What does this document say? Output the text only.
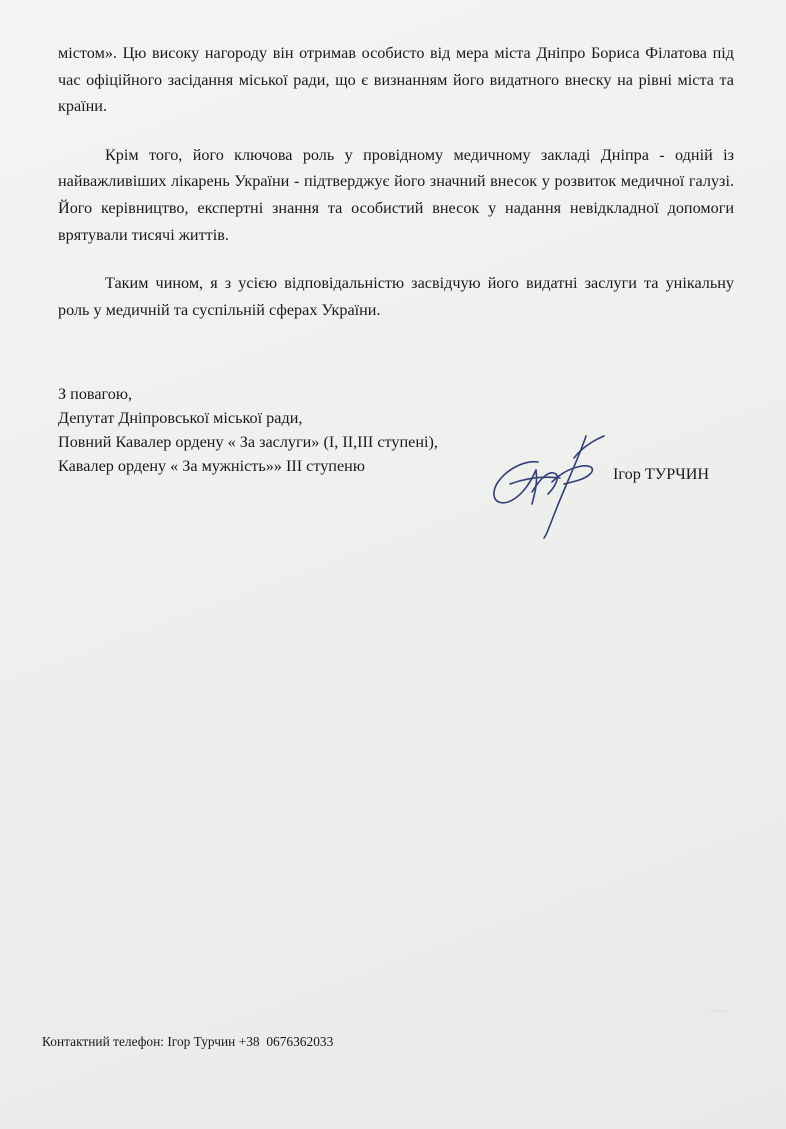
містом». Цю високу нагороду він отримав особисто від мера міста Дніпро Бориса Філатова під час офіційного засідання міської ради, що є визнанням його видатного внеску на рівні міста та країни.

Крім того, його ключова роль у провідному медичному закладі Дніпра - одній із найважливіших лікарень України - підтверджує його значний внесок у розвиток медичної галузі. Його керівництво, експертні знання та особистий внесок у надання невідкладної допомоги врятували тисячі життів.

Таким чином, я з усією відповідальністю засвідчую його видатні заслуги та унікальну роль у медичній та суспільній сферах України.

З повагою,
Депутат Дніпровської міської ради,
Повний Кавалер ордену « За заслуги» (I, II,III ступені),
Кавалер ордену « За мужність»» III ступеню	Ігор ТУРЧИН
Контактний телефон: Ігор Турчин +38  0676362033
